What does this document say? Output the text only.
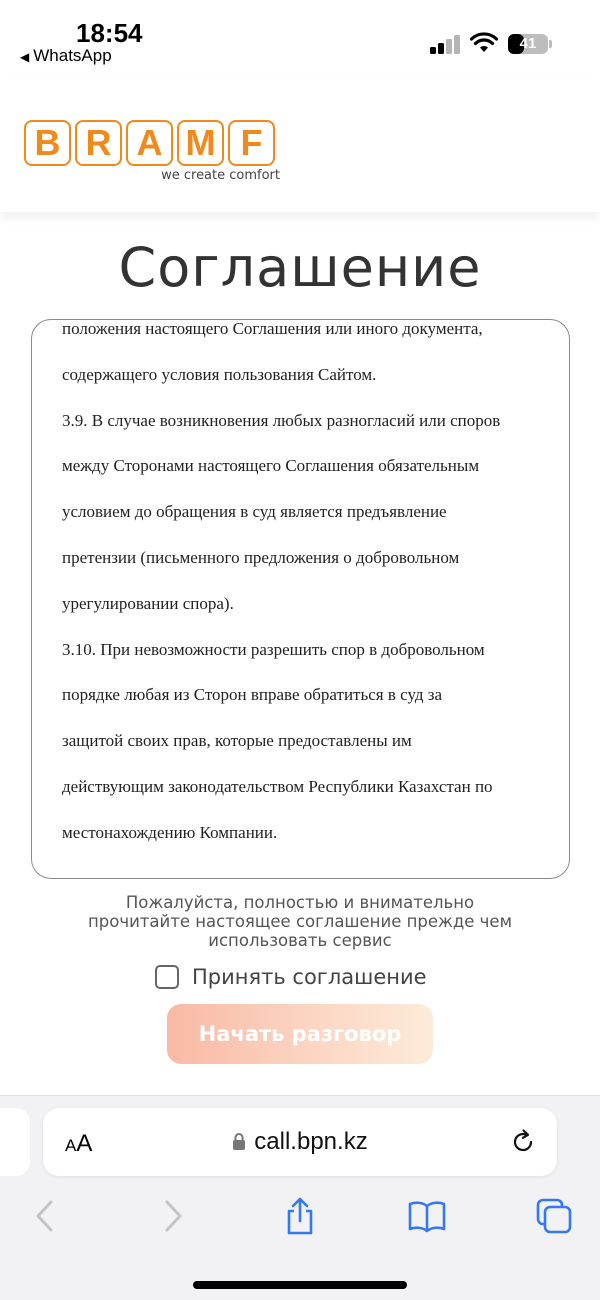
18:54
◀ WhatsApp
41
B R A M F
we create comfort
Соглашение

положения настоящего Соглашения или иного документа,

содержащего условия пользования Сайтом.

3.9. В случае возникновения любых разногласий или споров

между Сторонами настоящего Соглашения обязательным

условием до обращения в суд является предъявление

претензии (письменного предложения о добровольном

урегулировании спора).

3.10. При невозможности разрешить спор в добровольном

порядке любая из Сторон вправе обратиться в суд за

защитой своих прав, которые предоставлены им

действующим законодательством Республики Казахстан по

местонахождению Компании.

Пожалуйста, полностью и внимательно
прочитайте настоящее соглашение прежде чем
использовать сервис
Принять соглашение
Начать разговор
AA	call.bpn.kz
